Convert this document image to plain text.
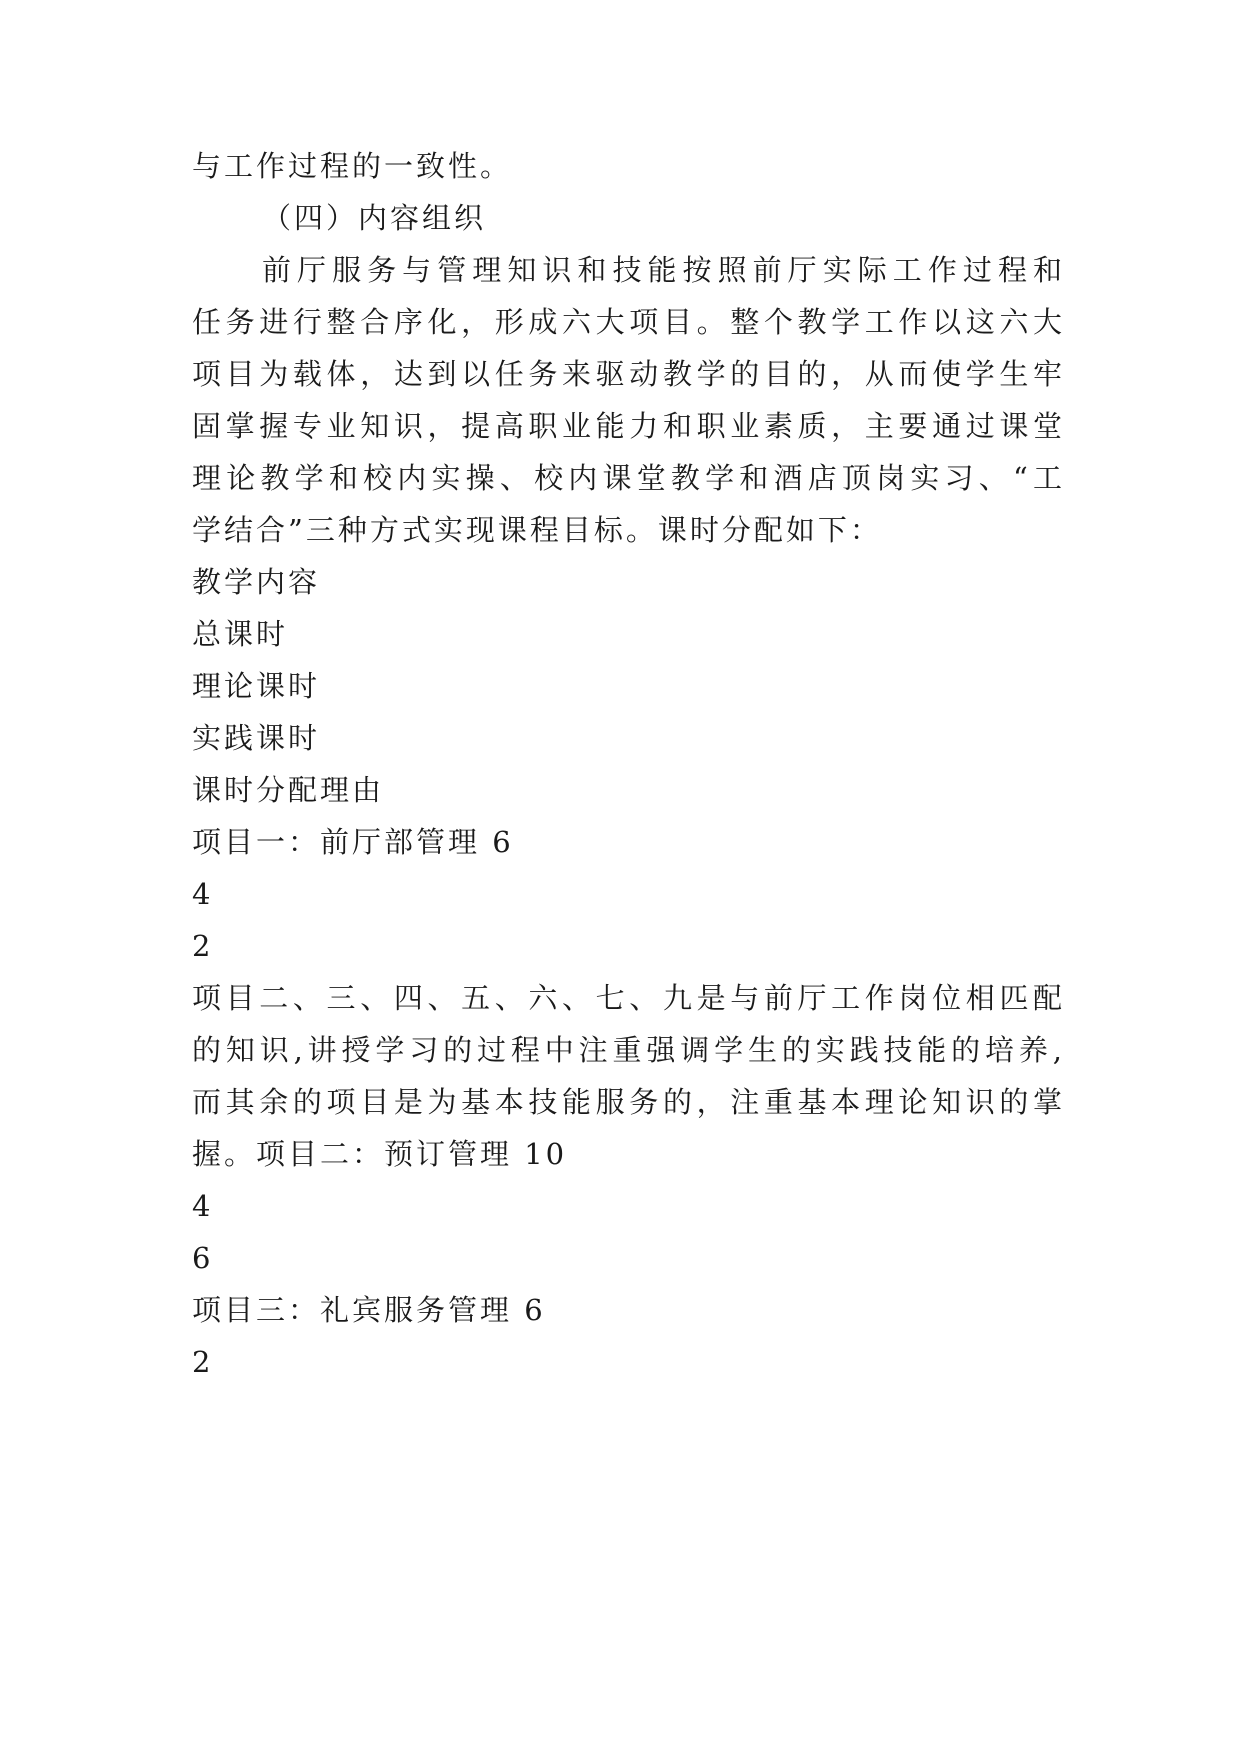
与工作过程的一致性。
（四）内容组织
前厅服务与管理知识和技能按照前厅实际工作过程和
任务进行整合序化，形成六大项目。整个教学工作以这六大
项目为载体，达到以任务来驱动教学的目的，从而使学生牢
固掌握专业知识，提高职业能力和职业素质，主要通过课堂
理论教学和校内实操、校内课堂教学和酒店顶岗实习、“工
学结合”三种方式实现课程目标。课时分配如下：
教学内容
总课时
理论课时
实践课时
课时分配理由
项目一：前厅部管理 6
4
2
项目二、三、四、五、六、七、九是与前厅工作岗位相匹配
的知识,讲授学习的过程中注重强调学生的实践技能的培养,
而其余的项目是为基本技能服务的，注重基本理论知识的掌
握。项目二：预订管理 10
4
6
项目三：礼宾服务管理 6
2
